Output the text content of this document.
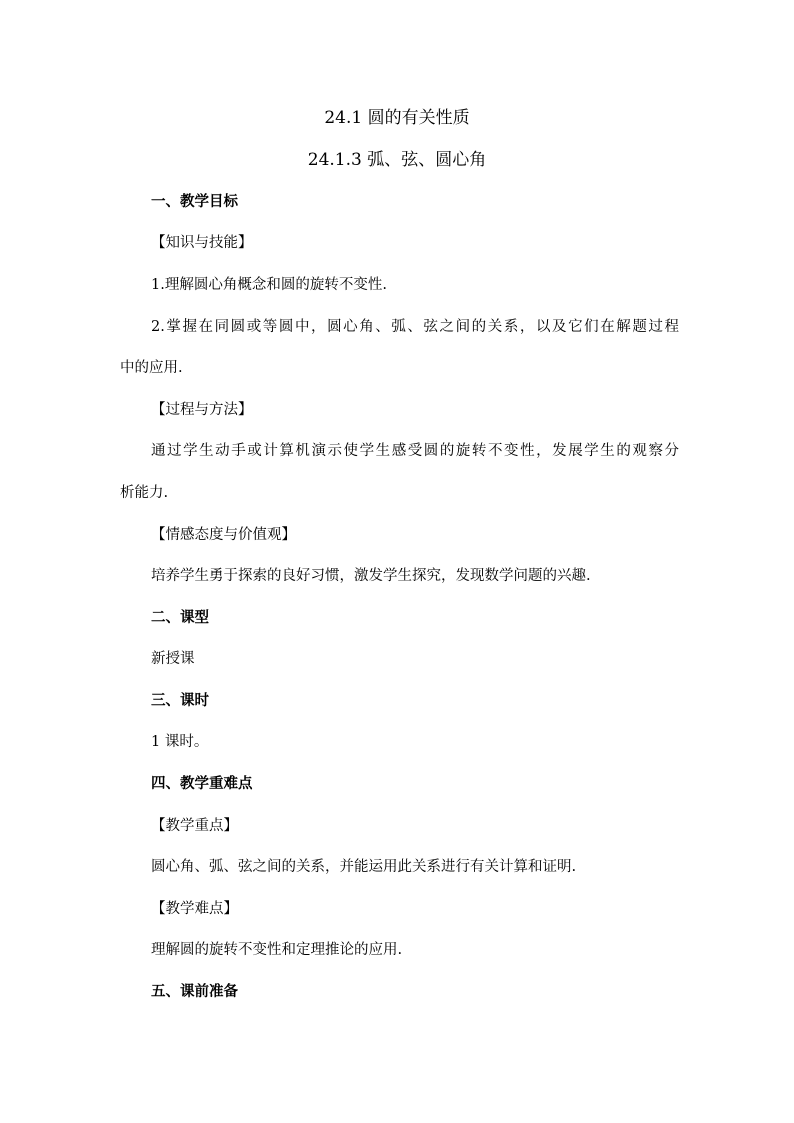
24.1 圆的有关性质
24.1.3 弧、弦、圆心角
一、教学目标
【知识与技能】
1.理解圆心角概念和圆的旋转不变性.
2.掌握在同圆或等圆中，圆心角、弧、弦之间的关系，以及它们在解题过程
中的应用.
【过程与方法】
通过学生动手或计算机演示使学生感受圆的旋转不变性，发展学生的观察分
析能力.
【情感态度与价值观】
培养学生勇于探索的良好习惯，激发学生探究，发现数学问题的兴趣.
二、课型
新授课
三、课时
1 课时。
四、教学重难点
【教学重点】
圆心角、弧、弦之间的关系，并能运用此关系进行有关计算和证明.
【教学难点】
理解圆的旋转不变性和定理推论的应用.
五、课前准备
